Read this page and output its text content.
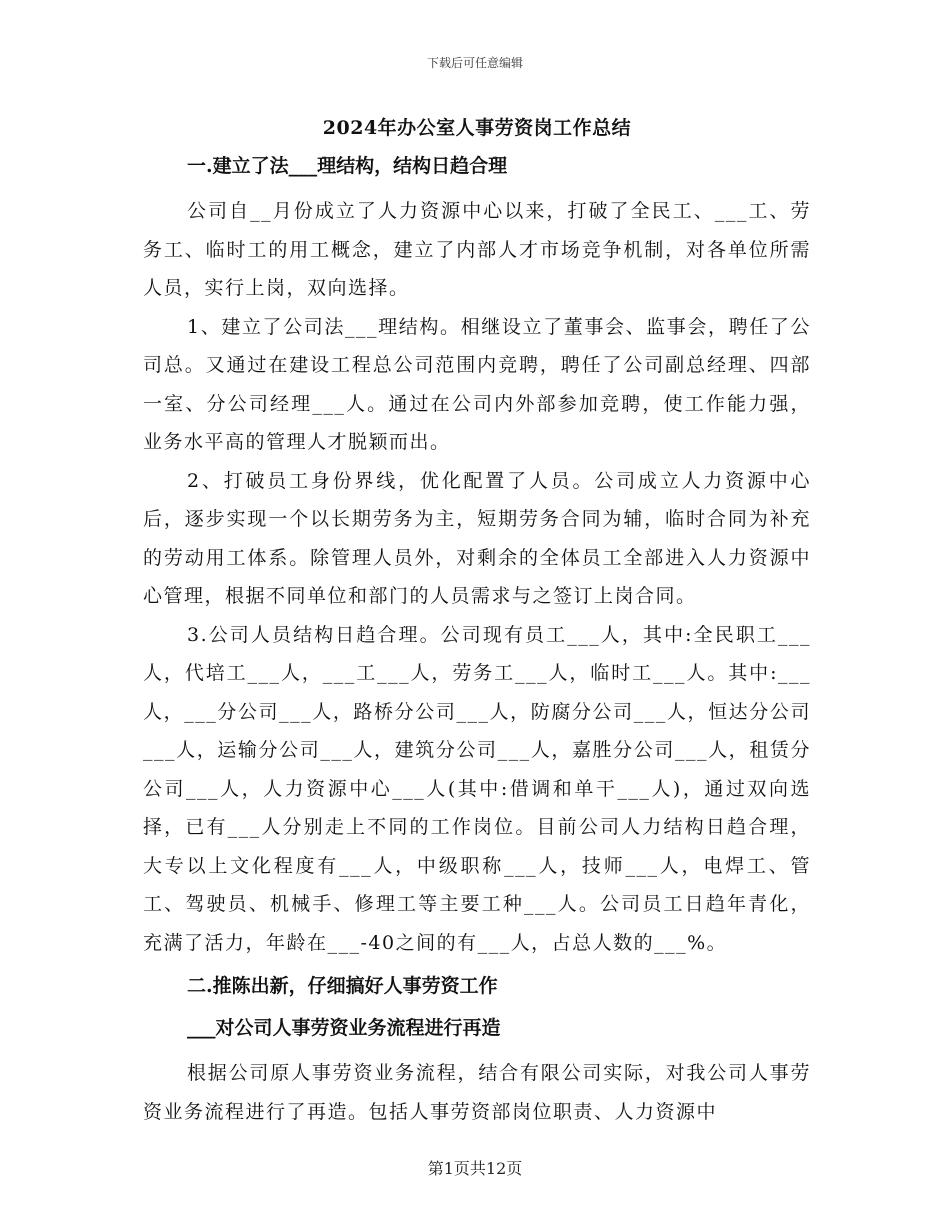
下载后可任意编辑
2024年办公室人事劳资岗工作总结
一.建立了法___理结构，结构日趋合理

公司自__月份成立了人力资源中心以来，打破了全民工、___工、劳务工、临时工的用工概念，建立了内部人才市场竞争机制，对各单位所需人员，实行上岗，双向选择。

1、建立了公司法___理结构。相继设立了董事会、监事会，聘任了公司总。又通过在建设工程总公司范围内竞聘，聘任了公司副总经理、四部一室、分公司经理___人。通过在公司内外部参加竞聘，使工作能力强，业务水平高的管理人才脱颖而出。

2、打破员工身份界线，优化配置了人员。公司成立人力资源中心后，逐步实现一个以长期劳务为主，短期劳务合同为辅，临时合同为补充的劳动用工体系。除管理人员外，对剩余的全体员工全部进入人力资源中心管理，根据不同单位和部门的人员需求与之签订上岗合同。

3.公司人员结构日趋合理。公司现有员工___人，其中:全民职工___人，代培工___人，___工___人，劳务工___人，临时工___人。其中:___人，___分公司___人，路桥分公司___人，防腐分公司___人，恒达分公司___人，运输分公司___人，建筑分公司___人，嘉胜分公司___人，租赁分公司___人，人力资源中心___人(其中:借调和单干___人)，通过双向选择，已有___人分别走上不同的工作岗位。目前公司人力结构日趋合理，大专以上文化程度有___人，中级职称___人，技师___人，电焊工、管工、驾驶员、机械手、修理工等主要工种___人。公司员工日趋年青化，充满了活力，年龄在___-40之间的有___人，占总人数的___%。

二.推陈出新，仔细搞好人事劳资工作
___对公司人事劳资业务流程进行再造

根据公司原人事劳资业务流程，结合有限公司实际，对我公司人事劳资业务流程进行了再造。包括人事劳资部岗位职责、人力资源中

第1页共12页
